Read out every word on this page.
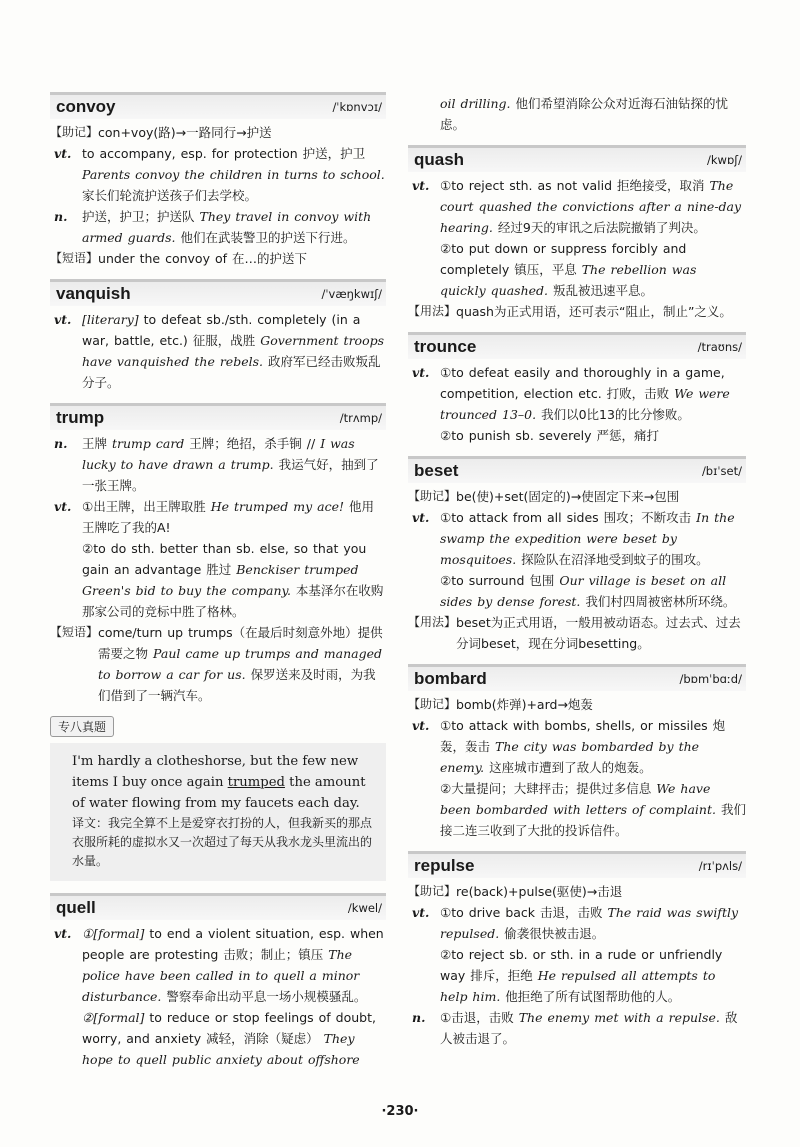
convoy	/ˈkɒnvɔɪ/
【助记】 con+voy(路)→一路同行→护送
vt. to accompany, esp. for protection 护送，护卫 Parents convoy the children in turns to school. 家长们轮流护送孩子们去学校。
n.	护送，护卫；护送队 They travel in convoy with armed guards. 他们在武装警卫的护送下行进。
【短语】 under the convoy of 在…的护送下
vanquish	/ˈvæŋkwɪʃ/
vt. [literary] to defeat sb./sth. completely (in a war, battle, etc.) 征服，战胜 Government troops have vanquished the rebels. 政府军已经击败叛乱分子。
trump	/trʌmp/
n.	王牌 trump card 王牌；绝招，杀手锏 // I was lucky to have drawn a trump. 我运气好，抽到了一张王牌。
vt. ①出王牌，出王牌取胜 He trumped my ace! 他用王牌吃了我的A!
②to do sth. better than sb. else, so that you gain an advantage 胜过 Benckiser trumped Green's bid to buy the company. 本基泽尔在收购那家公司的竞标中胜了格林。
【短语】 come/turn up trumps（在最后时刻意外地）提供需要之物 Paul came up trumps and managed to borrow a car for us. 保罗送来及时雨，为我们借到了一辆汽车。
专八真题
I'm hardly a clotheshorse, but the few new items I buy once again trumped the amount of water flowing from my faucets each day.
译文：我完全算不上是爱穿衣打扮的人，但我新买的那点衣服所耗的虚拟水又一次超过了每天从我水龙头里流出的水量。
quell	/kwel/
vt. ①[formal] to end a violent situation, esp. when people are protesting 击败；制止；镇压 The police have been called in to quell a minor disturbance. 警察奉命出动平息一场小规模骚乱。
②[formal] to reduce or stop feelings of doubt, worry, and anxiety 减轻，消除（疑虑） They hope to quell public anxiety about offshore
oil drilling. 他们希望消除公众对近海石油钻探的忧虑。
quash	/kwɒʃ/
vt. ①to reject sth. as not valid 拒绝接受，取消 The court quashed the convictions after a nine-day hearing. 经过9天的审讯之后法院撤销了判决。
②to put down or suppress forcibly and completely 镇压，平息 The rebellion was quickly quashed. 叛乱被迅速平息。
【用法】 quash为正式用语，还可表示“阻止，制止”之义。
trounce	/traʊns/
vt. ①to defeat easily and thoroughly in a game, competition, election etc. 打败，击败 We were trounced 13–0. 我们以0比13的比分惨败。
②to punish sb. severely 严惩，痛打
beset	/bɪˈset/
【助记】 be(使)+set(固定的)→使固定下来→包围
vt. ①to attack from all sides 围攻；不断攻击 In the swamp the expedition were beset by mosquitoes. 探险队在沼泽地受到蚊子的围攻。
②to surround 包围 Our village is beset on all sides by dense forest. 我们村四周被密林所环绕。
【用法】 beset为正式用语，一般用被动语态。过去式、过去分词beset，现在分词besetting。
bombard	/bɒmˈbɑːd/
【助记】 bomb(炸弹)+ard→炮轰
vt. ①to attack with bombs, shells, or missiles 炮轰，轰击 The city was bombarded by the enemy. 这座城市遭到了敌人的炮轰。
②大量提问；大肆抨击；提供过多信息 We have been bombarded with letters of complaint. 我们接二连三收到了大批的投诉信件。
repulse	/rɪˈpʌls/
【助记】 re(back)+pulse(驱使)→击退
vt. ①to drive back 击退，击败 The raid was swiftly repulsed. 偷袭很快被击退。
②to reject sb. or sth. in a rude or unfriendly way 排斥，拒绝 He repulsed all attempts to help him. 他拒绝了所有试图帮助他的人。
n.	①击退，击败 The enemy met with a repulse. 敌人被击退了。
·230·
